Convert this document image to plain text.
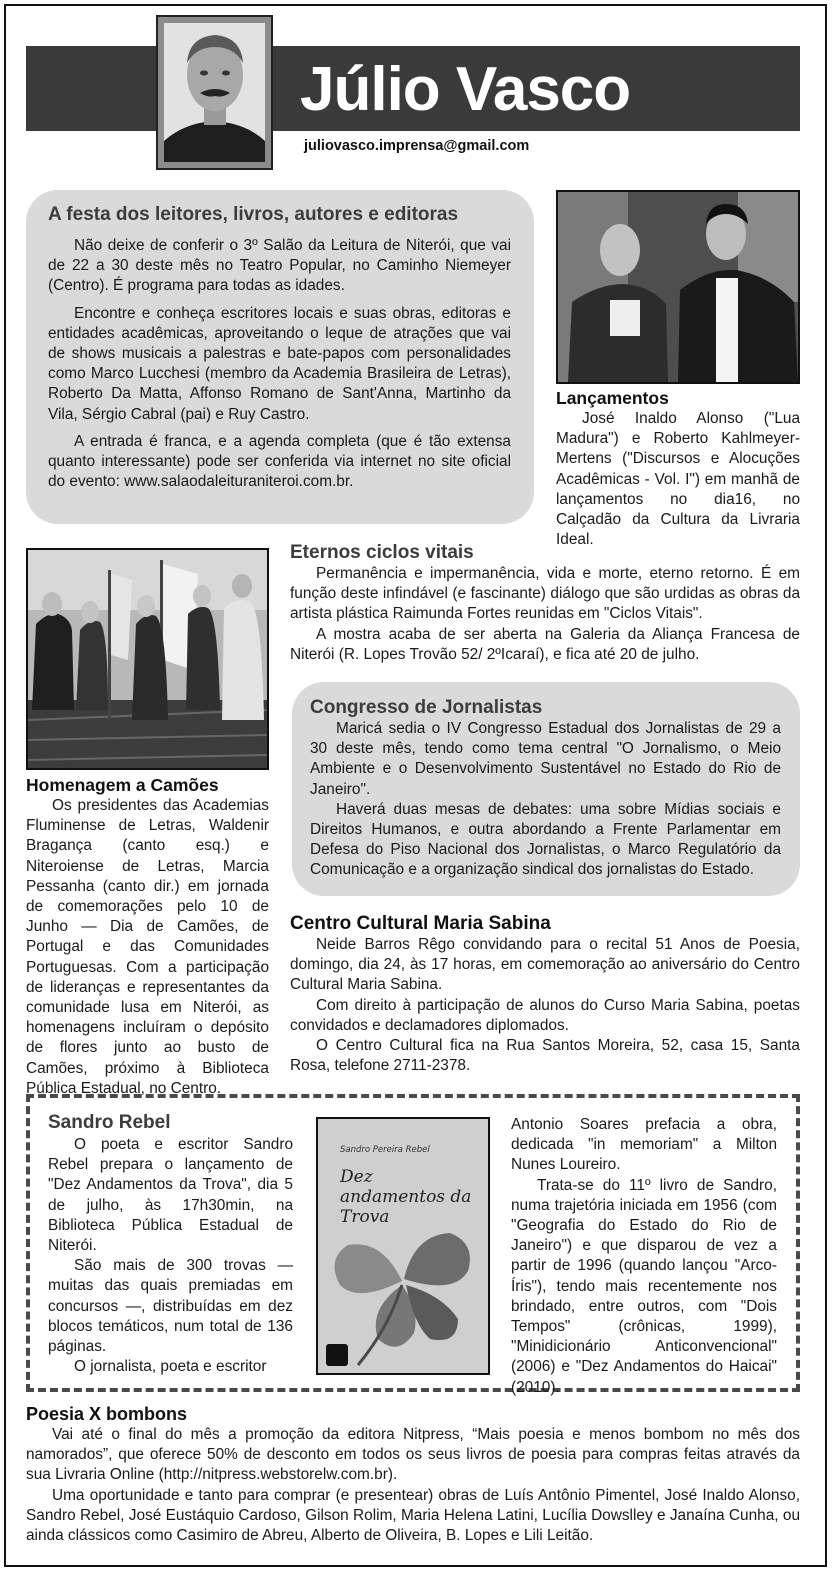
Júlio Vasco
juliovasco.imprensa@gmail.com
A festa dos leitores, livros, autores e editoras

Não deixe de conferir o 3º Salão da Leitura de Niterói, que vai de 22 a 30 deste mês no Teatro Popular, no Caminho Niemeyer (Centro). É programa para todas as idades.

Encontre e conheça escritores locais e suas obras, editoras e entidades acadêmicas, aproveitando o leque de atrações que vai de shows musicais a palestras e bate-papos com personalidades como Marco Lucchesi (membro da Academia Brasileira de Letras), Roberto Da Matta, Affonso Romano de Sant'Anna, Martinho da Vila, Sérgio Cabral (pai) e Ruy Castro.

A entrada é franca, e a agenda completa (que é tão extensa quanto interessante) pode ser conferida via internet no site oficial do evento: www.salaodaleituraniteroi.com.br.

Lançamentos

José Inaldo Alonso ("Lua Madura") e Roberto Kahlmeyer-Mertens ("Discursos e Alocuções Acadêmicas - Vol. I") em manhã de lançamentos no dia16, no Calçadão da Cultura da Livraria Ideal.

Homenagem a Camões

Os presidentes das Academias Fluminense de Letras, Waldenir Bragança (canto esq.) e Niteroiense de Letras, Marcia Pessanha (canto dir.) em jornada de comemorações pelo 10 de Junho — Dia de Camões, de Portugal e das Comunidades Portuguesas. Com a participação de lideranças e representantes da comunidade lusa em Niterói, as homenagens incluíram o depósito de flores junto ao busto de Camões, próximo à Biblioteca Pública Estadual, no Centro.

Eternos ciclos vitais

Permanência e impermanência, vida e morte, eterno retorno. É em função deste infindável (e fascinante) diálogo que são urdidas as obras da artista plástica Raimunda Fortes reunidas em "Ciclos Vitais".

A mostra acaba de ser aberta na Galeria da Aliança Francesa de Niterói (R. Lopes Trovão 52/ 2ºIcaraí), e fica até 20 de julho.

Congresso de Jornalistas

Maricá sedia o IV Congresso Estadual dos Jornalistas de 29 a 30 deste mês, tendo como tema central "O Jornalismo, o Meio Ambiente e o Desenvolvimento Sustentável no Estado do Rio de Janeiro".

Haverá duas mesas de debates: uma sobre Mídias sociais e Direitos Humanos, e outra abordando a Frente Parlamentar em Defesa do Piso Nacional dos Jornalistas, o Marco Regulatório da Comunicação e a organização sindical dos jornalistas do Estado.

Centro Cultural Maria Sabina

Neide Barros Rêgo convidando para o recital 51 Anos de Poesia, domingo, dia 24, às 17 horas, em comemoração ao aniversário do Centro Cultural Maria Sabina.

Com direito à participação de alunos do Curso Maria Sabina, poetas convidados e declamadores diplomados.

O Centro Cultural fica na Rua Santos Moreira, 52, casa 15, Santa Rosa, telefone 2711-2378.

Sandro Rebel

O poeta e escritor Sandro Rebel prepara o lançamento de "Dez Andamentos da Trova", dia 5 de julho, às 17h30min, na Biblioteca Pública Estadual de Niterói.

São mais de 300 trovas — muitas das quais premiadas em concursos —, distribuídas em dez blocos temáticos, num total de 136 páginas.

O jornalista, poeta e escritor

Sandro Pereira Rebel
Dez andamentos da Trova

Antonio Soares prefacia a obra, dedicada "in memoriam" a Milton Nunes Loureiro.

Trata-se do 11º livro de Sandro, numa trajetória iniciada em 1956 (com "Geografia do Estado do Rio de Janeiro") e que disparou de vez a partir de 1996 (quando lançou "Arco-Íris"), tendo mais recentemente nos brindado, entre outros, com "Dois Tempos" (crônicas, 1999), "Minidicionário Anticonvencional" (2006) e "Dez Andamentos do Haicai" (2010).

Poesia X bombons

Vai até o final do mês a promoção da editora Nitpress, “Mais poesia e menos bombom no mês dos namorados”, que oferece 50% de desconto em todos os seus livros de poesia para compras feitas através da sua Livraria Online (http://nitpress.webstorelw.com.br).

Uma oportunidade e tanto para comprar (e presentear) obras de Luís Antônio Pimentel, José Inaldo Alonso, Sandro Rebel, José Eustáquio Cardoso, Gilson Rolim, Maria Helena Latini, Lucília Dowslley e Janaína Cunha, ou ainda clássicos como Casimiro de Abreu, Alberto de Oliveira, B. Lopes e Lili Leitão.
